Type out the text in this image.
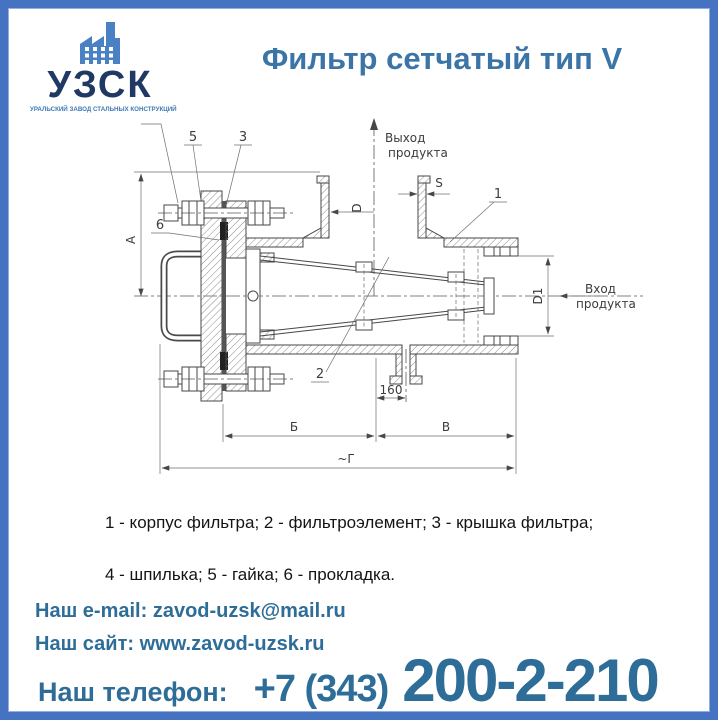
УЗСК
УРАЛЬСКИЙ ЗАВОД СТАЛЬНЫХ КОНСТРУКЦИЙ
Фильтр сетчатый тип V
А
Б	В
~Г
160
D
S
D1
Выход
продукта
Вход
продукта
5	3
6
1
2
1 - корпус фильтра; 2 - фильтроэлемент; 3 - крышка фильтра;
4 - шпилька; 5 - гайка; 6 - прокладка.
Наш e-mail: zavod-uzsk@mail.ru
Наш сайт: www.zavod-uzsk.ru
Наш телефон: +7 (343) 200-2-210
